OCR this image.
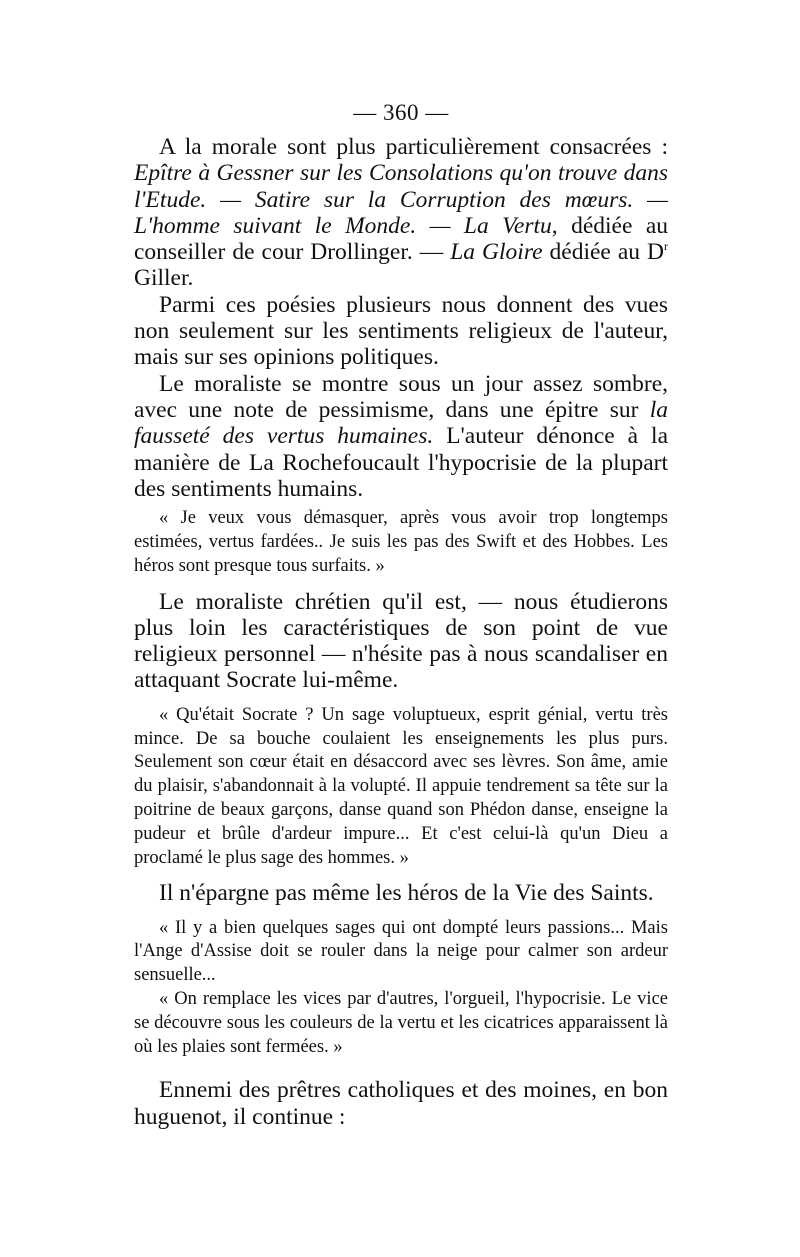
— 360 —

A la morale sont plus particulièrement consacrées : Epître à Gessner sur les Consolations qu'on trouve dans l'Etude. — Satire sur la Corruption des mœurs. — L'homme suivant le Monde. — La Vertu, dédiée au conseiller de cour Drollinger. — La Gloire dédiée au $D^r$ Giller.

Parmi ces poésies plusieurs nous donnent des vues non seulement sur les sentiments religieux de l'auteur, mais sur ses opinions politiques.

Le moraliste se montre sous un jour assez sombre, avec une note de pessimisme, dans une épitre sur la fausseté des vertus humaines. L'auteur dénonce à la manière de La Rochefoucault l'hypocrisie de la plupart des sentiments humains.

« Je veux vous démasquer, après vous avoir trop longtemps estimées, vertus fardées.. Je suis les pas des Swift et des Hobbes. Les héros sont presque tous surfaits. »

Le moraliste chrétien qu'il est, — nous étudierons plus loin les caractéristiques de son point de vue religieux personnel — n'hésite pas à nous scandaliser en attaquant Socrate lui-même.

« Qu'était Socrate ? Un sage voluptueux, esprit génial, vertu très mince. De sa bouche coulaient les enseignements les plus purs. Seulement son cœur était en désaccord avec ses lèvres. Son âme, amie du plaisir, s'abandonnait à la volupté. Il appuie tendrement sa tête sur la poitrine de beaux garçons, danse quand son Phédon danse, enseigne la pudeur et brûle d'ardeur impure... Et c'est celui-là qu'un Dieu a proclamé le plus sage des hommes. »

Il n'épargne pas même les héros de la Vie des Saints.

« Il y a bien quelques sages qui ont dompté leurs passions... Mais l'Ange d'Assise doit se rouler dans la neige pour calmer son ardeur sensuelle...

« On remplace les vices par d'autres, l'orgueil, l'hypocrisie. Le vice se découvre sous les couleurs de la vertu et les cicatrices apparaissent là où les plaies sont fermées. »

Ennemi des prêtres catholiques et des moines, en bon huguenot, il continue :
